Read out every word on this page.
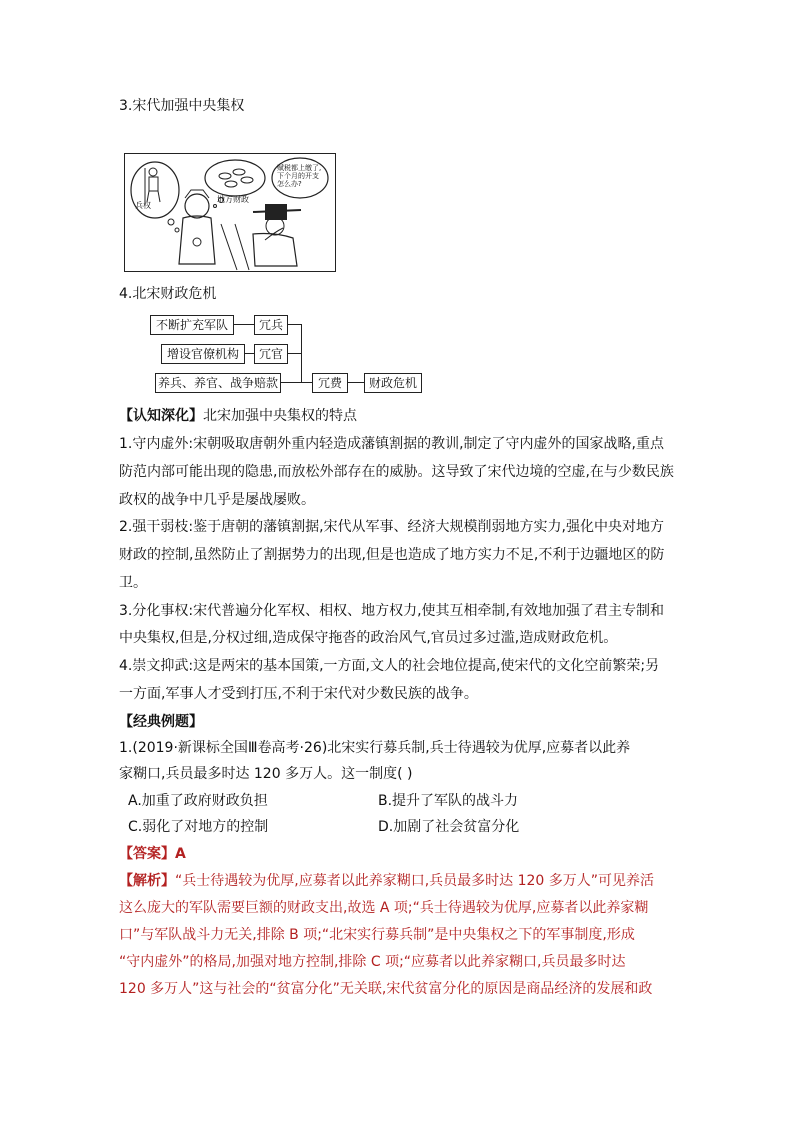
3.宋代加强中央集权
兵权
地方财政
赋税都上缴了,
下个月的开支
怎么办?
4.北宋财政危机
不断扩充军队	冗兵
增设官僚机构	冗官
养兵、养官、战争赔款	冗费	财政危机
【认知深化】北宋加强中央集权的特点
1.守内虚外:宋朝吸取唐朝外重内轻造成藩镇割据的教训,制定了守内虚外的国家战略,重点
防范内部可能出现的隐患,而放松外部存在的威胁。这导致了宋代边境的空虚,在与少数民族
政权的战争中几乎是屡战屡败。
2.强干弱枝:鉴于唐朝的藩镇割据,宋代从军事、经济大规模削弱地方实力,强化中央对地方
财政的控制,虽然防止了割据势力的出现,但是也造成了地方实力不足,不利于边疆地区的防
卫。
3.分化事权:宋代普遍分化军权、相权、地方权力,使其互相牵制,有效地加强了君主专制和
中央集权,但是,分权过细,造成保守拖沓的政治风气,官员过多过滥,造成财政危机。
4.崇文抑武:这是两宋的基本国策,一方面,文人的社会地位提高,使宋代的文化空前繁荣;另
一方面,军事人才受到打压,不利于宋代对少数民族的战争。
【经典例题】
1.(2019·新课标全国Ⅲ卷高考·26)北宋实行募兵制,兵士待遇较为优厚,应募者以此养
家糊口,兵员最多时达 120 多万人。这一制度( )
A.加重了政府财政负担	B.提升了军队的战斗力
C.弱化了对地方的控制	D.加剧了社会贫富分化
【答案】A
【解析】“兵士待遇较为优厚,应募者以此养家糊口,兵员最多时达 120 多万人”可见养活
这么庞大的军队需要巨额的财政支出,故选 A 项;“兵士待遇较为优厚,应募者以此养家糊
口”与军队战斗力无关,排除 B 项;“北宋实行募兵制”是中央集权之下的军事制度,形成
“守内虚外”的格局,加强对地方控制,排除 C 项;“应募者以此养家糊口,兵员最多时达
120 多万人”这与社会的“贫富分化”无关联,宋代贫富分化的原因是商品经济的发展和政
